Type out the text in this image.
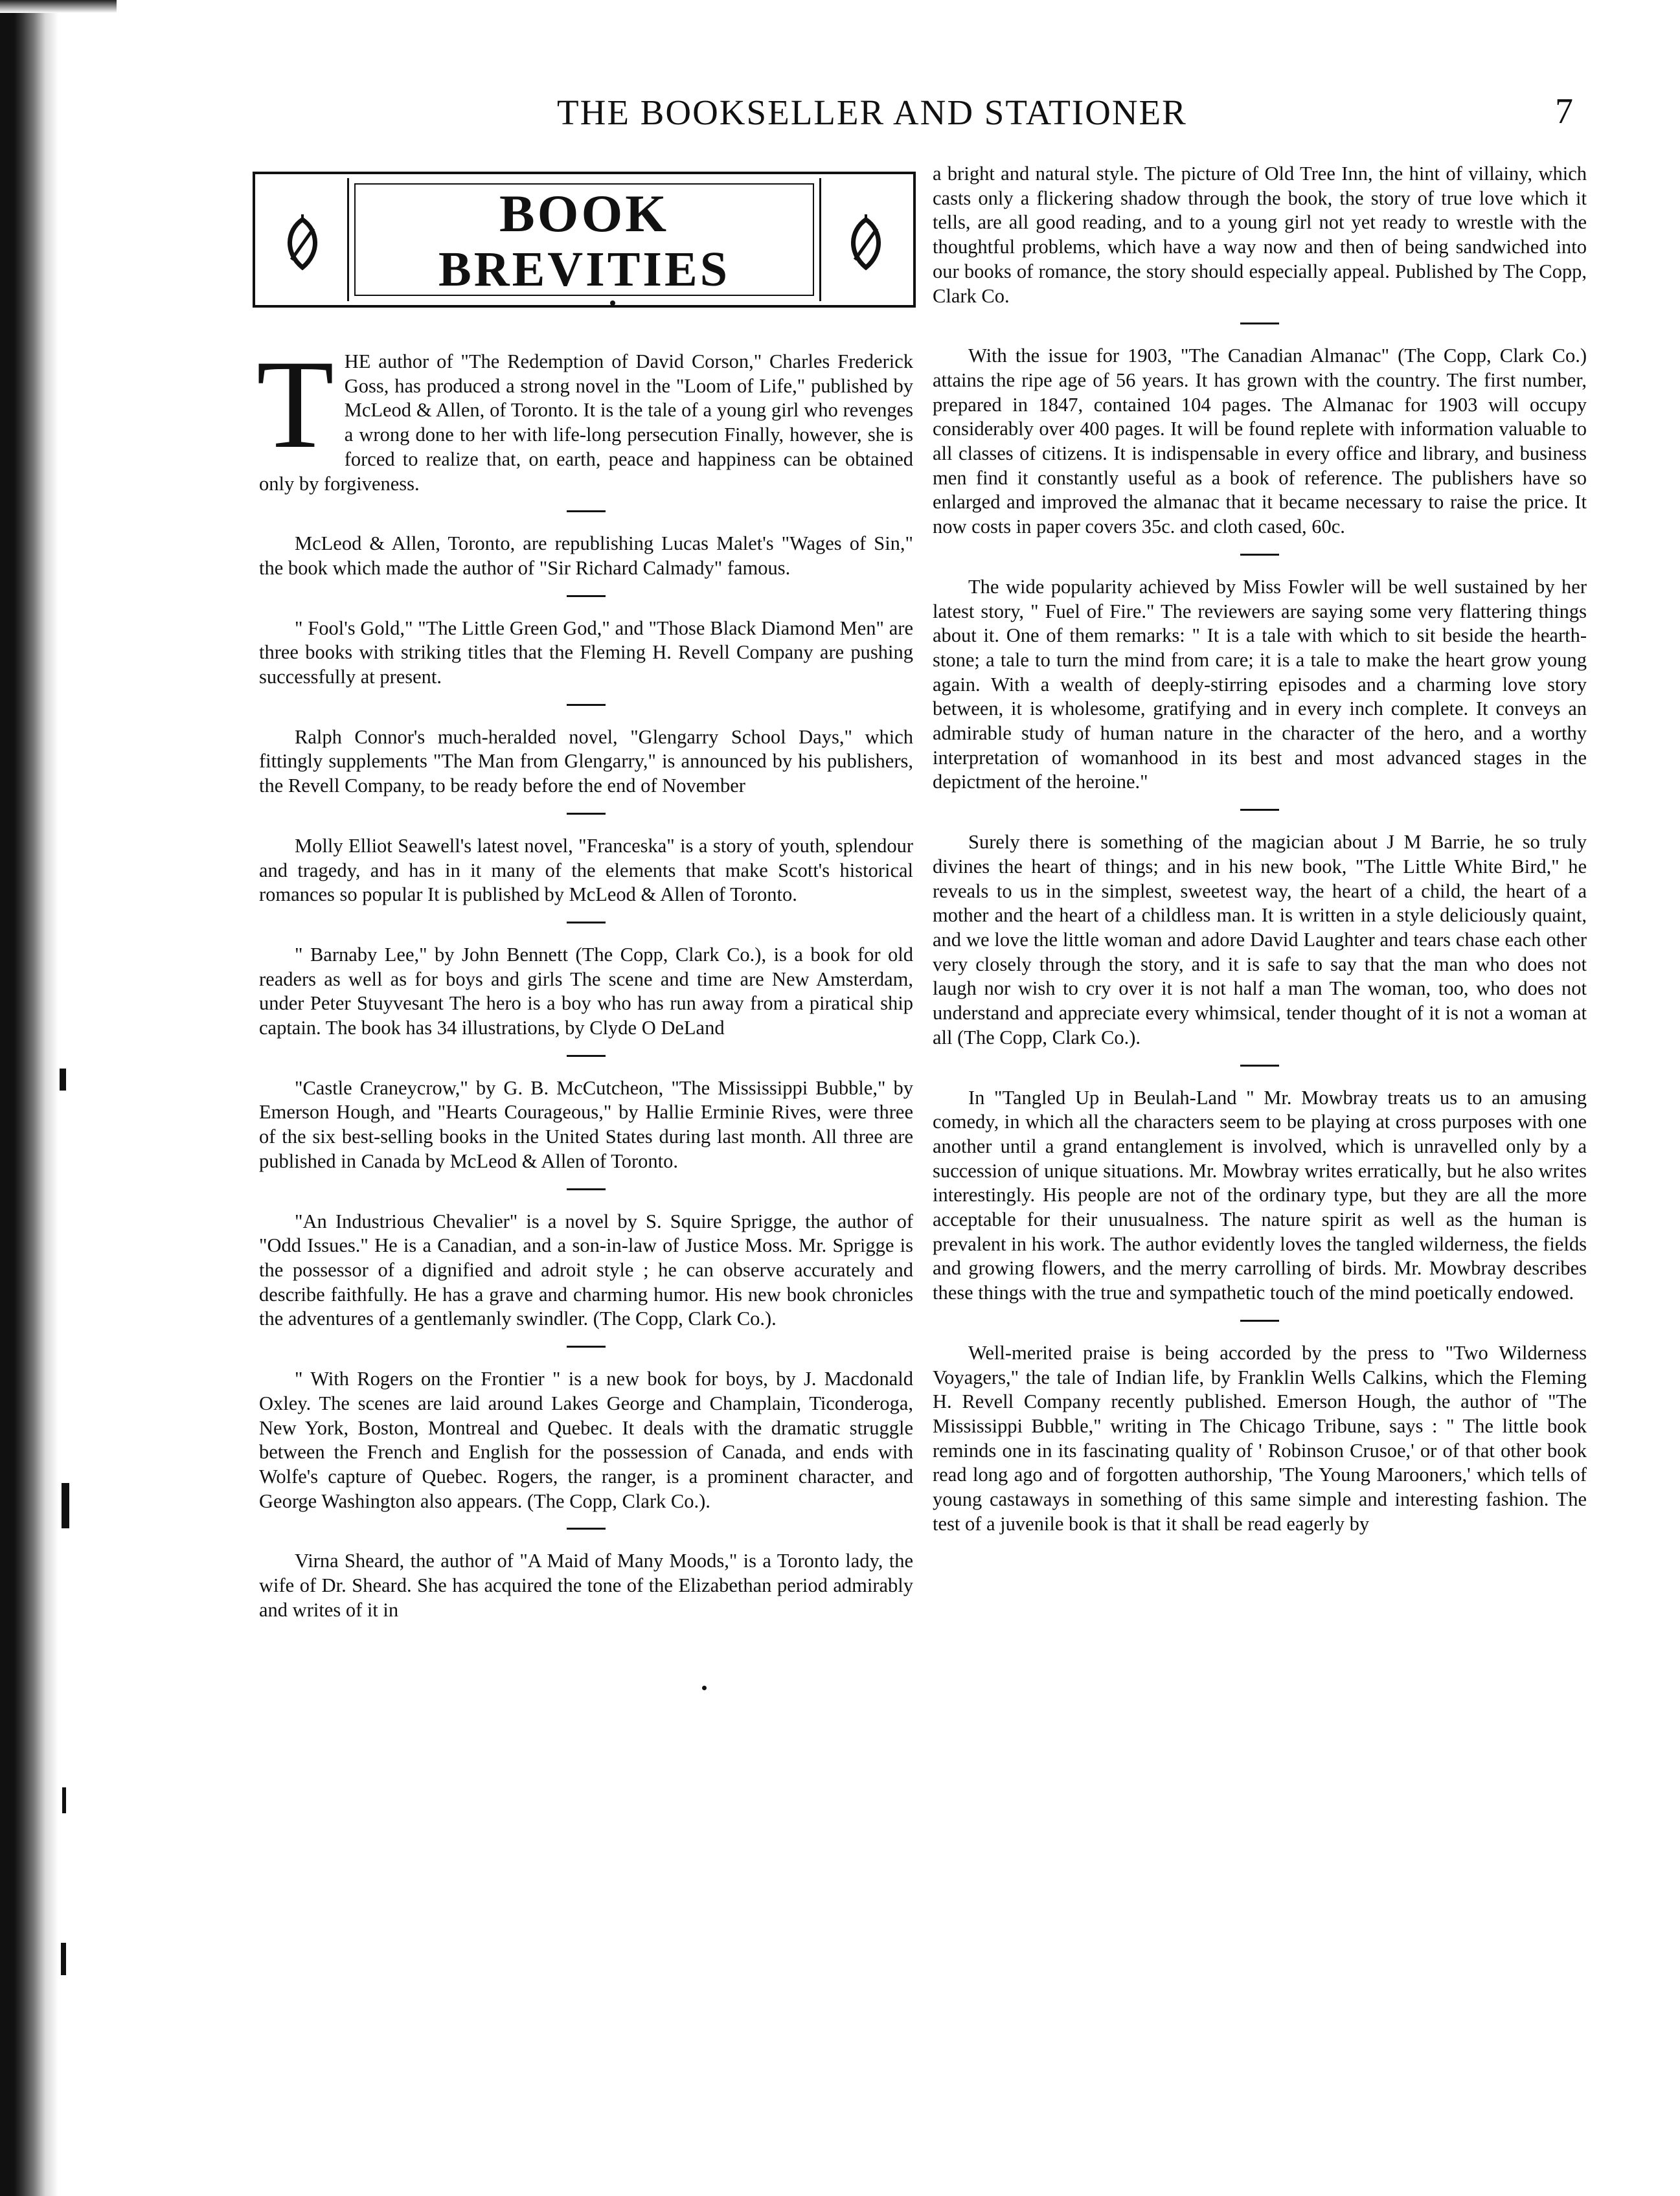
THE BOOKSELLER AND STATIONER	7
BOOK
BREVITIES

THE author of "The Redemption of David Corson," Charles Frederick Goss, has produced a strong novel in the "Loom of Life," published by McLeod & Allen, of Toronto. It is the tale of a young girl who revenges a wrong done to her with life-long persecution Finally, however, she is forced to realize that, on earth, peace and happiness can be obtained only by forgiveness.

McLeod & Allen, Toronto, are republishing Lucas Malet's "Wages of Sin," the book which made the author of "Sir Richard Calmady" famous.

" Fool's Gold," "The Little Green God," and "Those Black Diamond Men" are three books with striking titles that the Fleming H. Revell Company are pushing successfully at present.

Ralph Connor's much-heralded novel, "Glengarry School Days," which fittingly supplements "The Man from Glengarry," is announced by his publishers, the Revell Company, to be ready before the end of November

Molly Elliot Seawell's latest novel, "Franceska" is a story of youth, splendour and tragedy, and has in it many of the elements that make Scott's historical romances so popular It is published by McLeod & Allen of Toronto.

" Barnaby Lee," by John Bennett (The Copp, Clark Co.), is a book for old readers as well as for boys and girls The scene and time are New Amsterdam, under Peter Stuyvesant The hero is a boy who has run away from a piratical ship captain. The book has 34 illustrations, by Clyde O DeLand

"Castle Craneycrow," by G. B. McCutcheon, "The Mississippi Bubble," by Emerson Hough, and "Hearts Courageous," by Hallie Erminie Rives, were three of the six best-selling books in the United States during last month. All three are published in Canada by McLeod & Allen of Toronto.

"An Industrious Chevalier" is a novel by S. Squire Sprigge, the author of "Odd Issues." He is a Canadian, and a son-in-law of Justice Moss. Mr. Sprigge is the possessor of a dignified and adroit style ; he can observe accurately and describe faithfully. He has a grave and charming humor. His new book chronicles the adventures of a gentlemanly swindler. (The Copp, Clark Co.).

" With Rogers on the Frontier " is a new book for boys, by J. Macdonald Oxley. The scenes are laid around Lakes George and Champlain, Ticonderoga, New York, Boston, Montreal and Quebec. It deals with the dramatic struggle between the French and English for the possession of Canada, and ends with Wolfe's capture of Quebec. Rogers, the ranger, is a prominent character, and George Washington also appears. (The Copp, Clark Co.).

Virna Sheard, the author of "A Maid of Many Moods," is a Toronto lady, the wife of Dr. Sheard. She has acquired the tone of the Elizabethan period admirably and writes of it in

a bright and natural style. The picture of Old Tree Inn, the hint of villainy, which casts only a flickering shadow through the book, the story of true love which it tells, are all good reading, and to a young girl not yet ready to wrestle with the thoughtful problems, which have a way now and then of being sandwiched into our books of romance, the story should especially appeal. Published by The Copp, Clark Co.

With the issue for 1903, "The Canadian Almanac" (The Copp, Clark Co.) attains the ripe age of 56 years. It has grown with the country. The first number, prepared in 1847, contained 104 pages. The Almanac for 1903 will occupy considerably over 400 pages. It will be found replete with information valuable to all classes of citizens. It is indispensable in every office and library, and business men find it constantly useful as a book of reference. The publishers have so enlarged and improved the almanac that it became necessary to raise the price. It now costs in paper covers 35c. and cloth cased, 60c.

The wide popularity achieved by Miss Fowler will be well sustained by her latest story, " Fuel of Fire." The reviewers are saying some very flattering things about it. One of them remarks: " It is a tale with which to sit beside the hearth-stone; a tale to turn the mind from care; it is a tale to make the heart grow young again. With a wealth of deeply-stirring episodes and a charming love story between, it is wholesome, gratifying and in every inch complete. It conveys an admirable study of human nature in the character of the hero, and a worthy interpretation of womanhood in its best and most advanced stages in the depictment of the heroine."

Surely there is something of the magician about J M Barrie, he so truly divines the heart of things; and in his new book, "The Little White Bird," he reveals to us in the simplest, sweetest way, the heart of a child, the heart of a mother and the heart of a childless man. It is written in a style deliciously quaint, and we love the little woman and adore David Laughter and tears chase each other very closely through the story, and it is safe to say that the man who does not laugh nor wish to cry over it is not half a man The woman, too, who does not understand and appreciate every whimsical, tender thought of it is not a woman at all (The Copp, Clark Co.).

In "Tangled Up in Beulah-Land " Mr. Mowbray treats us to an amusing comedy, in which all the characters seem to be playing at cross purposes with one another until a grand entanglement is involved, which is unravelled only by a succession of unique situations. Mr. Mowbray writes erratically, but he also writes interestingly. His people are not of the ordinary type, but they are all the more acceptable for their unusualness. The nature spirit as well as the human is prevalent in his work. The author evidently loves the tangled wilderness, the fields and growing flowers, and the merry carrolling of birds. Mr. Mowbray describes these things with the true and sympathetic touch of the mind poetically endowed.

Well-merited praise is being accorded by the press to "Two Wilderness Voyagers," the tale of Indian life, by Franklin Wells Calkins, which the Fleming H. Revell Company recently published. Emerson Hough, the author of "The Mississippi Bubble," writing in The Chicago Tribune, says : " The little book reminds one in its fascinating quality of ' Robinson Crusoe,' or of that other book read long ago and of forgotten authorship, 'The Young Marooners,' which tells of young castaways in something of this same simple and interesting fashion. The test of a juvenile book is that it shall be read eagerly by
